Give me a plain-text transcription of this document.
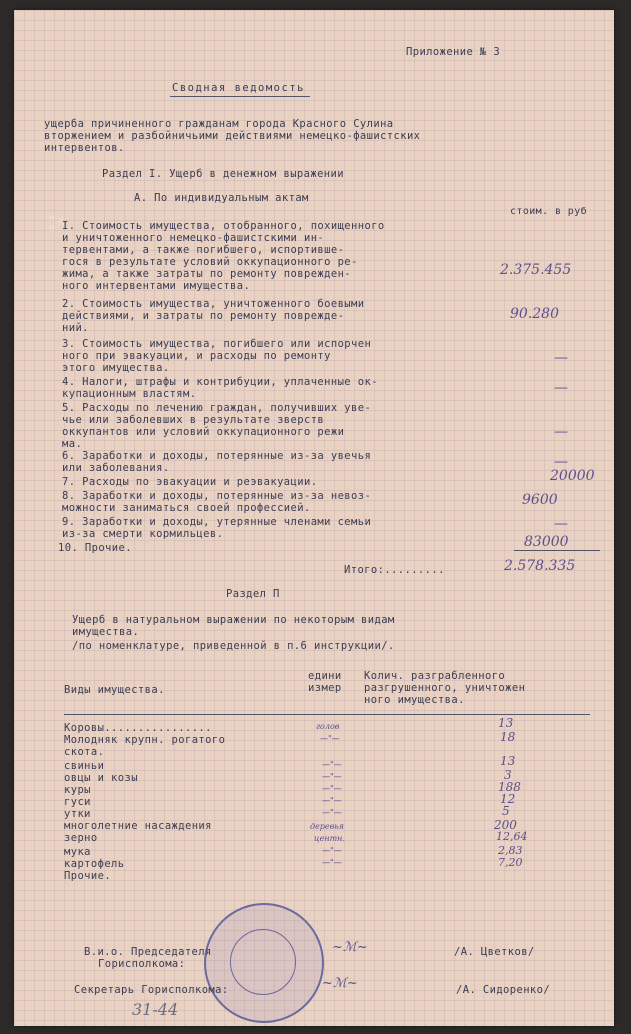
⁂
Приложение № 3
Сводная ведомость
ущерба причиненного гражданам города Красного Сулина
вторжением и разбойничьими действиями немецко-фашистских
интервентов.
Раздел I. Ущерб в денежном выражении
А. По индивидуальным актам
стоим. в руб
I. Стоимость имущества, отобранного, похищенного
и уничтоженного немецко-фашистскими ин-
тервентами, а также погибшего, испортивше-
гося в результате условий оккупационного ре-
жима, а также затраты по ремонту поврежден-
ного интервентами имущества.
2.375.455
2. Стоимость имущества, уничтоженного боевыми
действиями, и затраты по ремонту поврежде-
ний.
90.280
3. Стоимость имущества, погибшего или испорчен
ного при эвакуации, и расходы по ремонту
этого имущества.
—
4. Налоги, штрафы и контрибуции, уплаченные ок-
купационным властям.	—
5. Расходы по лечению граждан, получивших уве-
чье или заболевших в результате зверств
оккупантов или условий оккупационного режи
ма.
—
6. Заработки и доходы, потерянные из-за увечья
или заболевания.	—
7. Расходы по эвакуации и реэвакуации.	20000
8. Заработки и доходы, потерянные из-за невоз-
можности заниматься своей профессией.	9600
9. Заработки и доходы, утерянные членами семьи
из-за смерти кормильцев.
—
10. Прочие.	83000
Итого:.........	2.578.335
Раздел П
Ущерб в натуральном выражении по некоторым видам
имущества.
/по номенклатуре, приведенной в п.6 инструкции/.
Виды имущества.
едини
измер
Колич. разграбленного
разгрушенного, уничтожен
ного имущества.
Коровы................	голов	13
Молодняк крупн. рогатого	—"—	18
скота.
свиньи	—"—	13
овцы и козы	—"—	3
куры	—"—	188
гуси	—"—	12
утки	—"—	5
многолетние насаждения	деревья	200
зерно	центн.	12,64
мука	—"—	2,83
картофель	—"—	7,20
Прочие.
В.и.о. Председателя
Горисполкома:
~ℳ~	/А. Цветков/
Секретарь Горисполкома:	~ℳ~	/А. Сидоренко/
31-44
